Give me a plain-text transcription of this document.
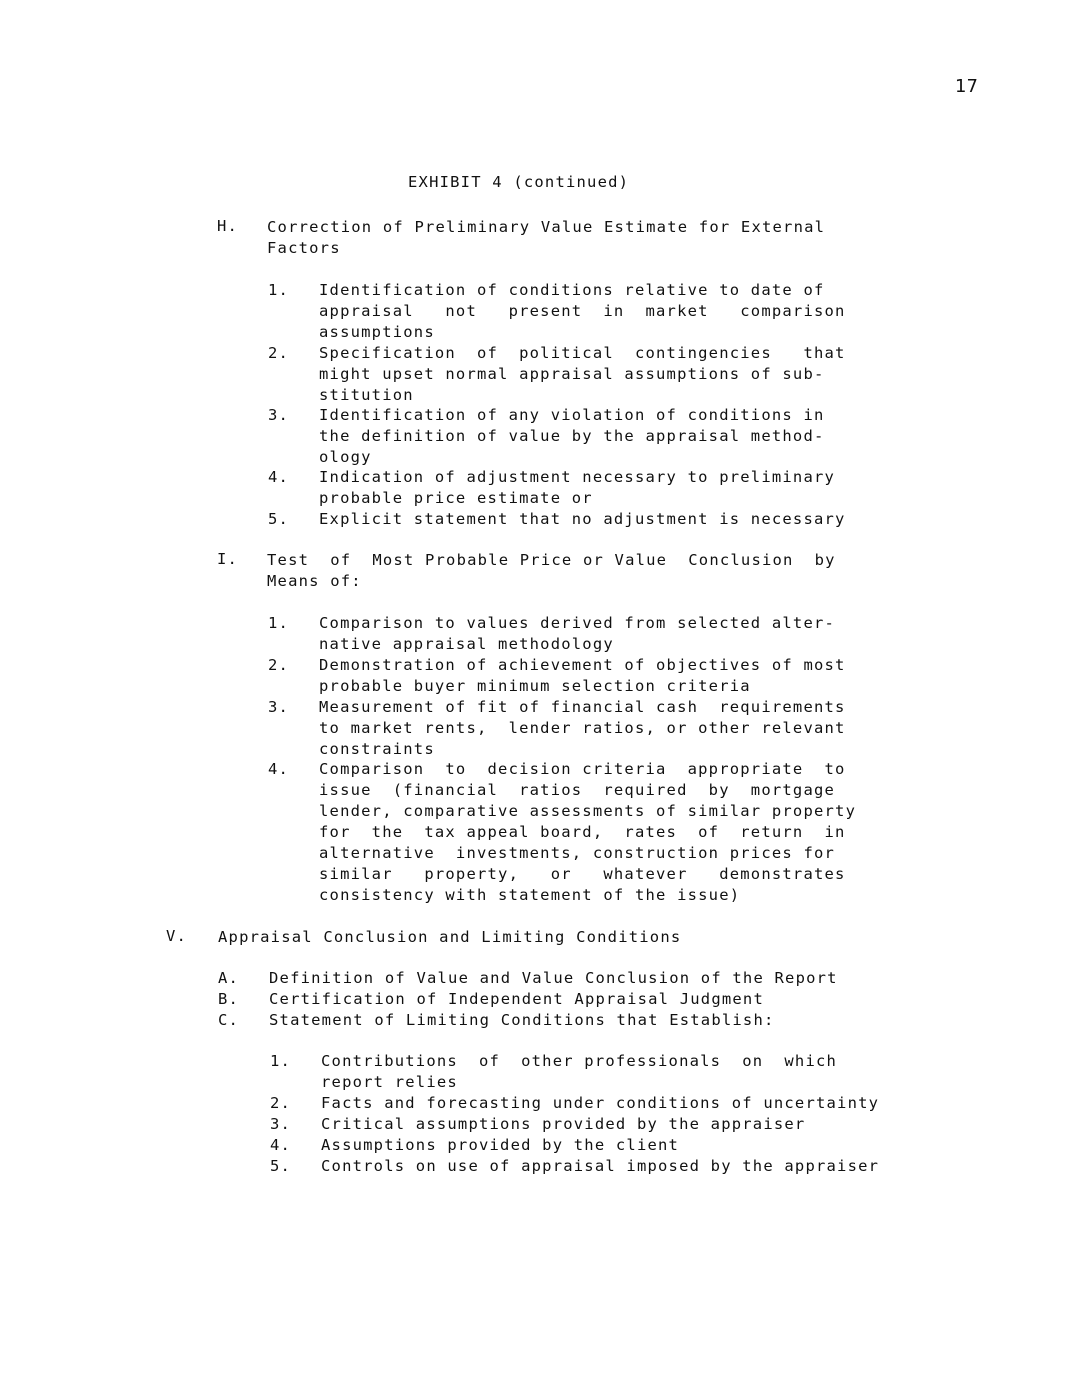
17
EXHIBIT 4 (continued)
H. Correction of Preliminary Value Estimate for External
Factors
1. Identification of conditions relative to date of
appraisal   not   present  in  market   comparison
assumptions
2. Specification  of  political  contingencies   that
might upset normal appraisal assumptions of sub-
stitution
3. Identification of any violation of conditions in
the definition of value by the appraisal method-
ology
4. Indication of adjustment necessary to preliminary
probable price estimate or
5. Explicit statement that no adjustment is necessary
I. Test  of  Most Probable Price or Value  Conclusion  by
Means of:
1. Comparison to values derived from selected alter-
native appraisal methodology
2. Demonstration of achievement of objectives of most
probable buyer minimum selection criteria
3. Measurement of fit of financial cash  requirements
to market rents,  lender ratios, or other relevant
constraints
4. Comparison  to  decision criteria  appropriate  to
issue  (financial  ratios  required  by  mortgage
lender, comparative assessments of similar property
for  the  tax appeal board,  rates  of  return  in
alternative  investments, construction prices for
similar   property,   or   whatever   demonstrates
consistency with statement of the issue)
V. Appraisal Conclusion and Limiting Conditions
A. Definition of Value and Value Conclusion of the Report
B. Certification of Independent Appraisal Judgment
C. Statement of Limiting Conditions that Establish:
1. Contributions  of  other professionals  on  which
report relies
2. Facts and forecasting under conditions of uncertainty
3. Critical assumptions provided by the appraiser
4. Assumptions provided by the client
5. Controls on use of appraisal imposed by the appraiser
